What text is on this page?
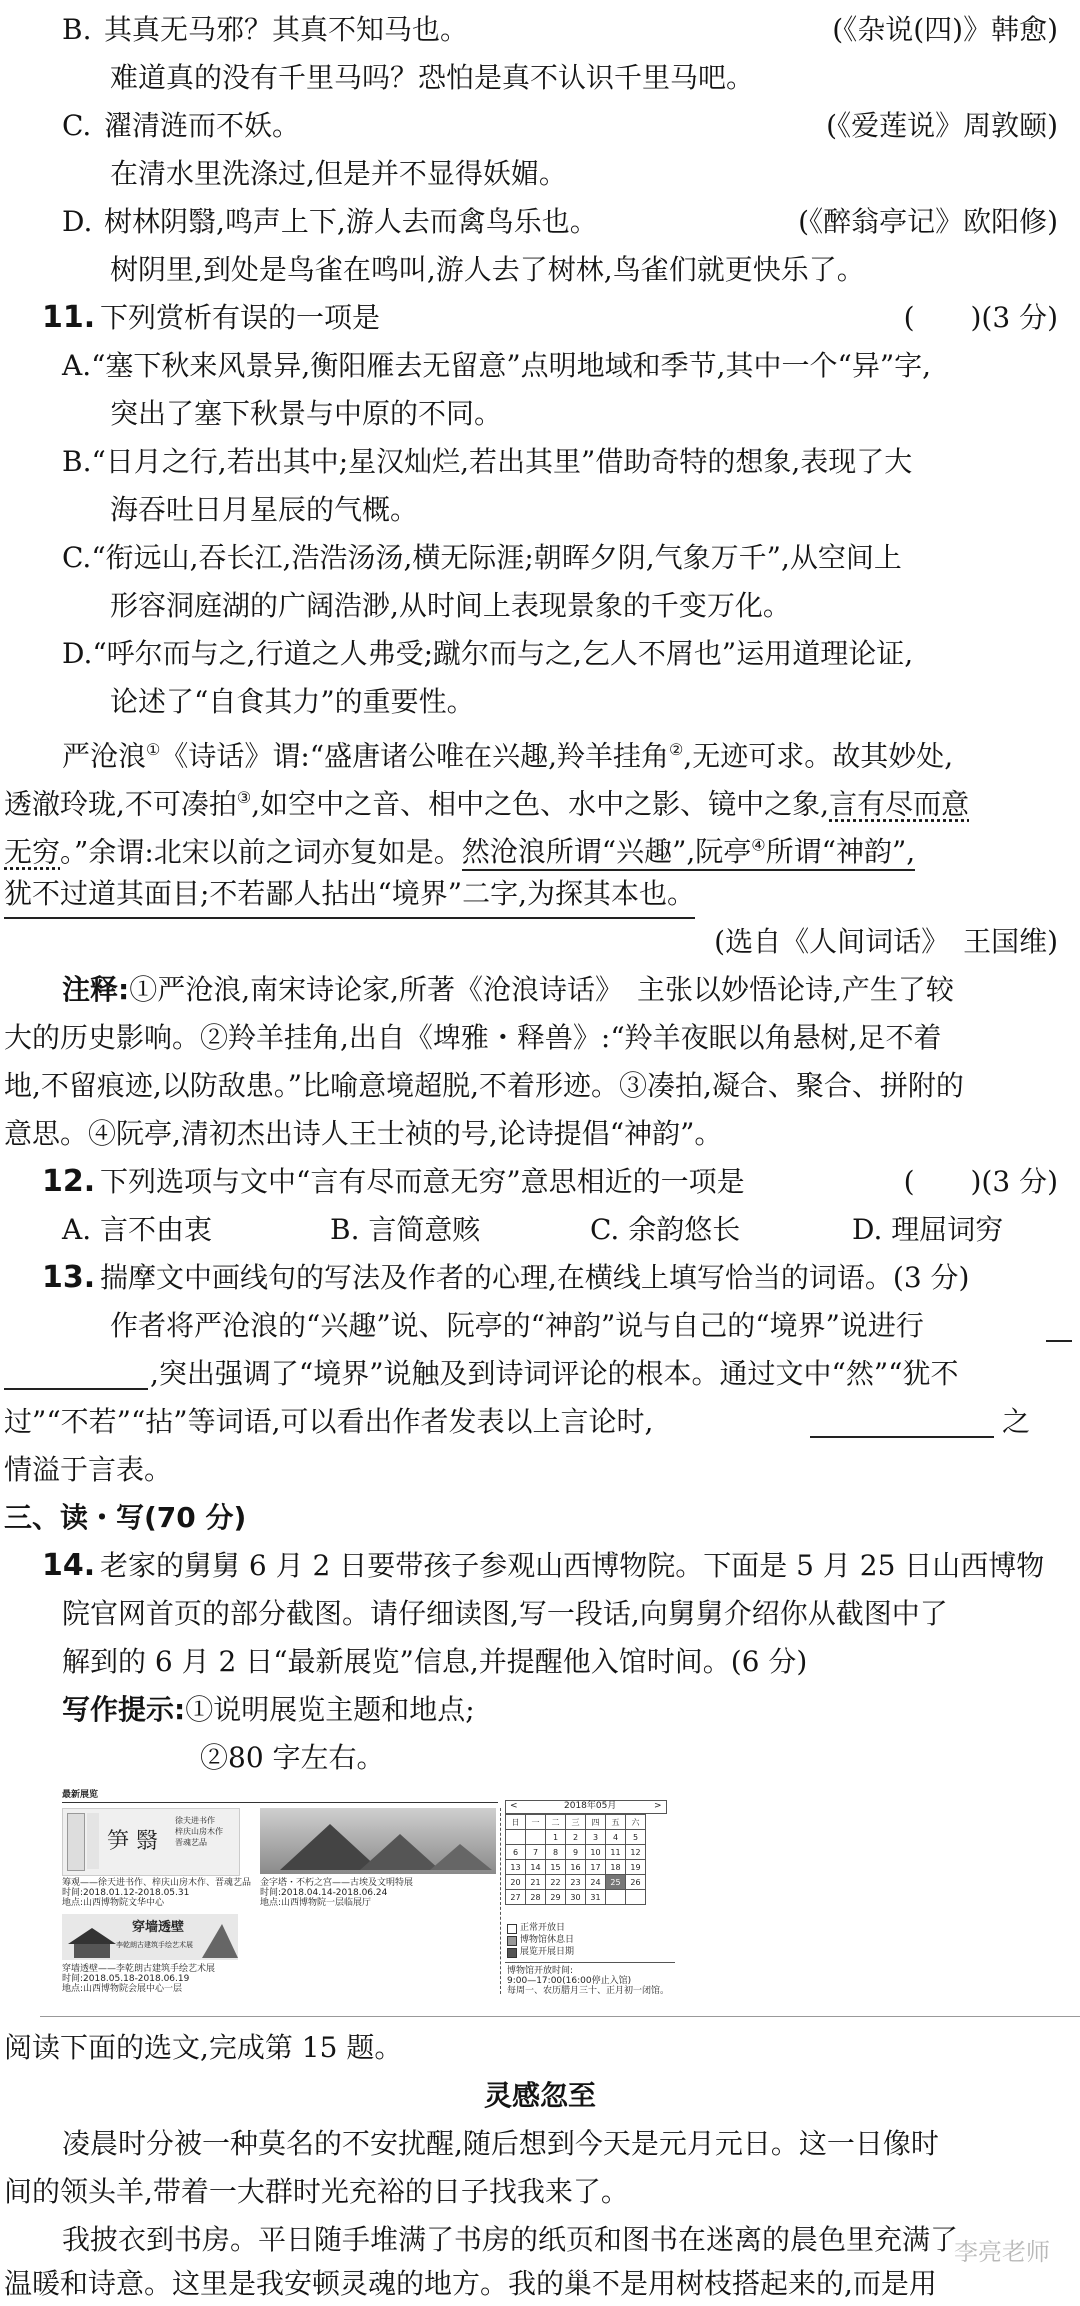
B. 其真无马邪？其真不知马也。	(《杂说(四)》韩愈)
难道真的没有千里马吗？恐怕是真不认识千里马吧。
C. 濯清涟而不妖。	(《爱莲说》周敦颐)
在清水里洗涤过,但是并不显得妖媚。
D. 树林阴翳,鸣声上下,游人去而禽鸟乐也。	(《醉翁亭记》欧阳修)
树阴里,到处是鸟雀在鸣叫,游人去了树林,鸟雀们就更快乐了。
11. 下列赏析有误的一项是	(　　)(3 分)
A.“塞下秋来风景异,衡阳雁去无留意”点明地域和季节,其中一个“异”字,
突出了塞下秋景与中原的不同。
B.“日月之行,若出其中;星汉灿烂,若出其里”借助奇特的想象,表现了大
海吞吐日月星辰的气概。
C.“衔远山,吞长江,浩浩汤汤,横无际涯;朝晖夕阴,气象万千”,从空间上
形容洞庭湖的广阔浩渺,从时间上表现景象的千变万化。
D.“呼尔而与之,行道之人弗受;蹴尔而与之,乞人不屑也”运用道理论证,
论述了“自食其力”的重要性。
严沧浪①《诗话》谓:“盛唐诸公唯在兴趣,羚羊挂角②,无迹可求。故其妙处,
透澈玲珑,不可凑拍③,如空中之音、相中之色、水中之影、镜中之象,言有尽而意
无穷。”余谓:北宋以前之词亦复如是。然沧浪所谓“兴趣”,阮亭④所谓“神韵”,
犹不过道其面目;不若鄙人拈出“境界”二字,为探其本也。
(选自《人间词话》　王国维)
注释:①严沧浪,南宋诗论家,所著《沧浪诗话》　主张以妙悟论诗,产生了较
大的历史影响。②羚羊挂角,出自《埤雅・释兽》:“羚羊夜眠以角悬树,足不着
地,不留痕迹,以防敌患。”比喻意境超脱,不着形迹。③凑拍,凝合、聚合、拼附的
意思。④阮亭,清初杰出诗人王士祯的号,论诗提倡“神韵”。
12. 下列选项与文中“言有尽而意无穷”意思相近的一项是	(　　)(3 分)
A. 言不由衷	B. 言简意赅	C. 余韵悠长	D. 理屈词穷
13. 揣摩文中画线句的写法及作者的心理,在横线上填写恰当的词语。(3 分)
作者将严沧浪的“兴趣”说、阮亭的“神韵”说与自己的“境界”说进行
,突出强调了“境界”说触及到诗词评论的根本。通过文中“然”“犹不
过”“不若”“拈”等词语,可以看出作者发表以上言论时,	之
情溢于言表。
三、读・写(70 分)
14. 老家的舅舅 6 月 2 日要带孩子参观山西博物院。下面是 5 月 25 日山西博物
院官网首页的部分截图。请仔细读图,写一段话,向舅舅介绍你从截图中了
解到的 6 月 2 日“最新展览”信息,并提醒他入馆时间。(6 分)
写作提示:①说明展览主题和地点;
②80 字左右。
最新展览
笋 翳
徐夫进书作
梓庆山房木作
晋魂艺品
筹观——徐天进书作、梓庆山房木作、晋魂艺品
时间:2018.01.12-2018.05.31
地点:山西博物院文华中心
金字塔・不朽之宫——古埃及文明特展
时间:2018.04.14-2018.06.24
地点:山西博物院一层临展厅
穿墙透壁
李乾朗古建筑手绘艺术展
穿墙透壁——李乾朗古建筑手绘艺术展
时间:2018.05.18-2018.06.19
地点:山西博物院会展中心一层
<	2018年05月	>
日	一	二	三	四	五	六
		1	2	3	4	5
6	7	8	9	10	11	12
13	14	15	16	17	18	19
20	21	22	23	24	25	26
27	28	29	30	31		
正常开放日
博物馆休息日
展览开展日期
博物馆开放时间:
9:00—17:00(16:00停止入馆)
每周一、农历腊月三十、正月初一闭馆。
阅读下面的选文,完成第 15 题。
灵感忽至
凌晨时分被一种莫名的不安扰醒,随后想到今天是元月元日。这一日像时
间的领头羊,带着一大群时光充裕的日子找我来了。
我披衣到书房。平日随手堆满了书房的纸页和图书在迷离的晨色里充满了
温暖和诗意。这里是我安顿灵魂的地方。我的巢不是用树枝搭起来的,而是用
李亮老师
